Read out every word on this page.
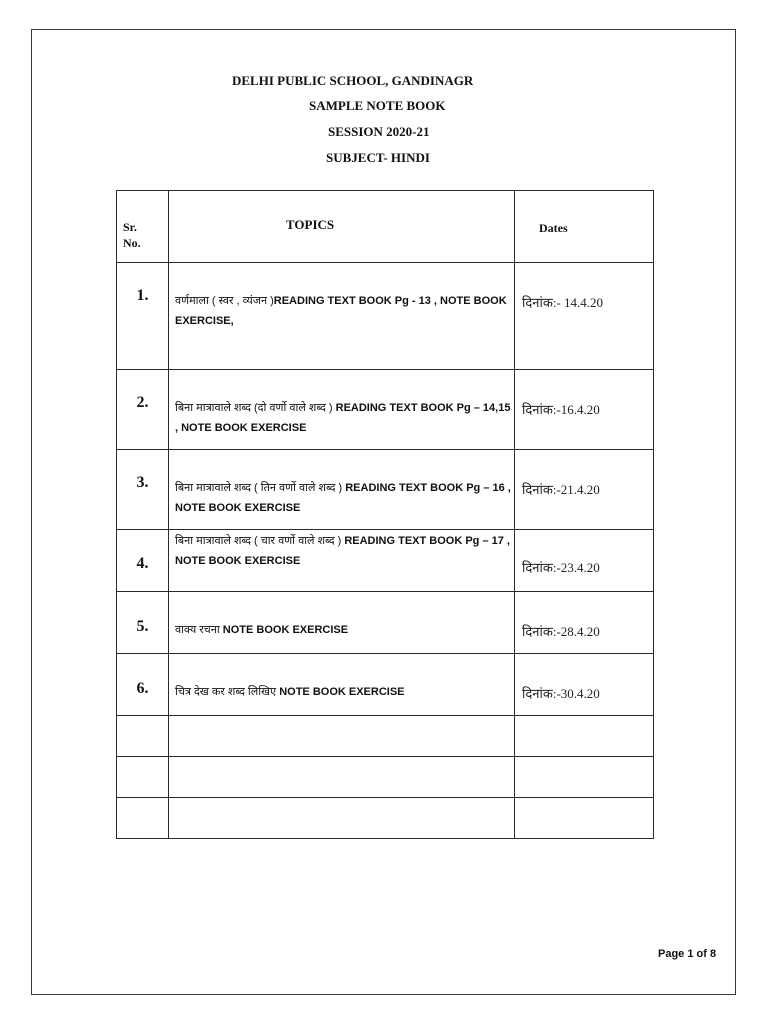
DELHI PUBLIC SCHOOL, GANDINAGR
SAMPLE NOTE BOOK
SESSION 2020-21
SUBJECT- HINDI
Sr.
No.	TOPICS	Dates
1.	वर्णमाला ( स्वर , व्यंजन )READING TEXT BOOK Pg - 13 , NOTE BOOK EXERCISE,	दिनांक:- 14.4.20
2.	बिना मात्रावाले शब्द (दो वर्णो वाले शब्द ) READING TEXT BOOK Pg – 14,15 , NOTE BOOK EXERCISE	दिनांक:-16.4.20
3.	बिना मात्रावाले शब्द ( तिन वर्णो वाले शब्द ) READING TEXT BOOK Pg – 16 , NOTE BOOK EXERCISE	दिनांक:-21.4.20
4.	बिना मात्रावाले शब्द ( चार वर्णो वाले शब्द ) READING TEXT BOOK Pg – 17 , NOTE BOOK EXERCISE	दिनांक:-23.4.20
5.	वाक्य रचना NOTE BOOK EXERCISE	दिनांक:-28.4.20
6.	चित्र देख कर शब्द लिखिए NOTE BOOK EXERCISE	दिनांक:-30.4.20

Page 1 of 8
